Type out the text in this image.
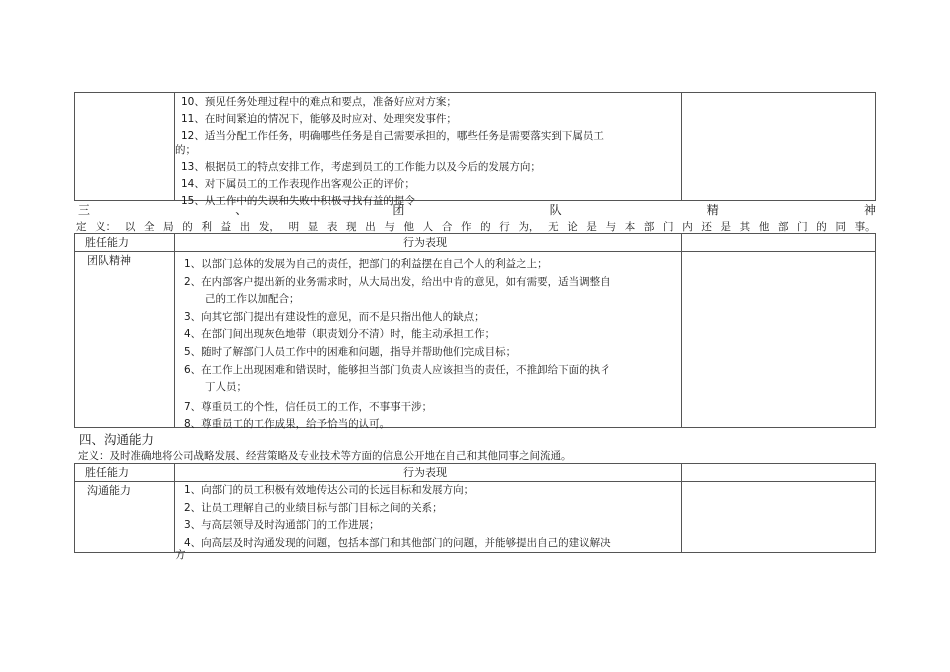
10、预见任务处理过程中的难点和要点，准备好应对方案；
11、在时间紧迫的情况下，能够及时应对、处理突发事件；
12、适当分配工作任务，明确哪些任务是自己需要承担的，哪些任务是需要落实到下属员工
的；
13、根据员工的特点安排工作，考虑到员工的工作能力以及今后的发展方向；
14、对下属员工的工作表现作出客观公正的评价；
15、从工作中的失误和失败中积极寻找有益的提令
三	、	团	队	精	神
定 义： 以 全 局 的 利 益 出 发， 明 显 表 现 出 与 他 人 合 作 的 行 为， 无 论 是 与 本 部 门 内 还 是 其 他 部 门 的 同 事。
胜任能力	行为表现
团队精神	1、以部门总体的发展为自己的责任，把部门的利益摆在自己个人的利益之上；
2、在内部客户提出新的业务需求时，从大局出发，给出中肯的意见，如有需要，适当调整自
己的工作以加配合；
3、向其它部门提出有建设性的意见，而不是只指出他人的缺点；
4、在部门间出现灰色地带（职责划分不清）时，能主动承担工作；
5、随时了解部门人员工作中的困难和问题，指导并帮助他们完成目标；
6、在工作上出现困难和错误时，能够担当部门负责人应该担当的责任，不推卸给下面的执彳
丁人员；
7、尊重员工的个性，信任员工的工作，不事事干涉；
8、尊重员工的工作成果，给予恰当的认可。
四、沟通能力
定义：及时准确地将公司战略发展、经营策略及专业技术等方面的信息公开地在自己和其他同事之间流通。
胜任能力	行为表现
沟通能力	1、向部门的员工积极有效地传达公司的长远目标和发展方向；
2、让员工理解自己的业绩目标与部门目标之间的关系；
3、与高层领导及时沟通部门的工作进展；
4、向高层及时沟通发现的问题，包括本部门和其他部门的问题，并能够提出自己的建议解决
方
